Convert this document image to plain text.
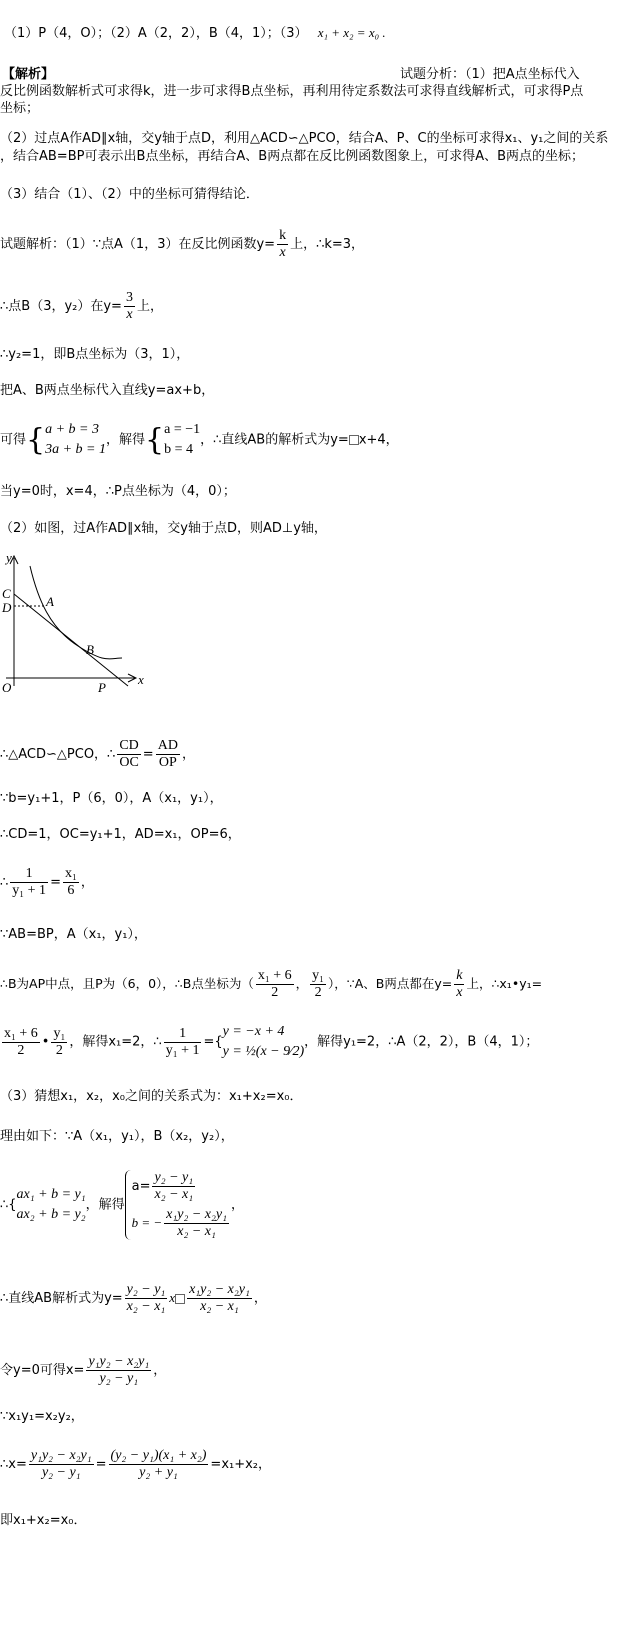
（1）P（4，O）；（2）A（2，2），B（4，1）；（3） x₁ + x₂ = x₀ .
【解析】	试题分析：（1）把A点坐标代入
反比例函数解析式可求得k，进一步可求得B点坐标，再利用待定系数法可求得直线解析式，可求得P点
坐标；
（2）过点A作AD∥x轴，交y轴于点D，利用△ACD∽△PCO，结合A、P、C的坐标可求得x₁、y₁之间的关系
，结合AB=BP可表示出B点坐标，再结合A、B两点都在反比例函数图象上，可求得A、B两点的坐标；
（3）结合（1）、（2）中的坐标可猜得结论．
试题解析：（1）∵点A（1，3）在反比例函数$y= \frac{k}{x}$ 上，∴k=3，
∴点B（3，y₂）在$y= \frac{3}{x}$ 上，
∴y₂=1，即B点坐标为（3，1），
把A、B两点坐标代入直线y=ax+b，
可得{ a + b = 3
3a + b = 1
，解得{ a = −1
b = 4
，∴直线AB的解析式为y= x+4，
当y=0时，x=4，∴P点坐标为（4，0）；
（2）如图，过A作AD∥x轴，交y轴于点D，则AD⊥y轴，
y
x
O
C
D	A
B
P
∴△ACD∽△PCO，∴ $\frac{CD}{OC} = \frac{AD}{OP}$ ，
∵b=y₁+1，P（6，0），A（x₁，y₁），
∴CD=1，OC=y₁+1，AD=x₁，OP=6，
∴ $\frac{1}{\text{y₁ + 1}} = \frac{\text{x₁}}{6}$ ，
∵AB=BP，A（x₁，y₁），
∴B为AP中点，且P为（6，0），∴B点坐标为（ $\frac{\text{x₁ + 6}}{2}$ ， $\frac{\text{y₁}}{2}$ ），∵A、B两点都在$y= \frac{k}{x}$ 上，∴x₁•y₁=
$\frac{\text{x₁ + 6}}{2}$ • $\frac{\text{y₁}}{2}$ ，解得x₁=2，∴ $\frac{1}{\text{y₁ + 1}}$ ={
y = −x + 4
y = ½(x − 9⁄2)
，解得y₁=2，∴A（2，2），B（4，1）；
（3）猜想x₁，x₂，x₀之间的关系式为：x₁+x₂=x₀．
理由如下：∵A（x₁，y₁），B（x₂，y₂），
∴{
ax₁ + b = y₁
ax₂ + b = y₂
，解得
$a= \frac{\text{y₂ − y₁}}{\text{x₂ − x₁}}$
b = − $\frac{\text{x₁y₂ − x₂y₁}}{\text{x₂ − x₁}}$
，
∴直线AB解析式为$y= \frac{\text{y₂ − y₁}}{\text{x₂ − x₁}}$ x $\frac{\text{x₁y₂ − x₂y₁}}{\text{x₂ − x₁}}$ ，
令y=0可得$x= \frac{\text{y₁y₂ − x₂y₁}}{\text{y₂ − y₁}}$ ，
∵x₁y₁=x₂y₂，
∴x= $\frac{\text{y₁y₂ − x₂y₁}}{\text{y₂ − y₁}} = \frac{\text{(y₂ − y₁)(x₁ + x₂)}}{\text{y₂ + y₁}} =x_1+x_2$，
即x₁+x₂=x₀．
